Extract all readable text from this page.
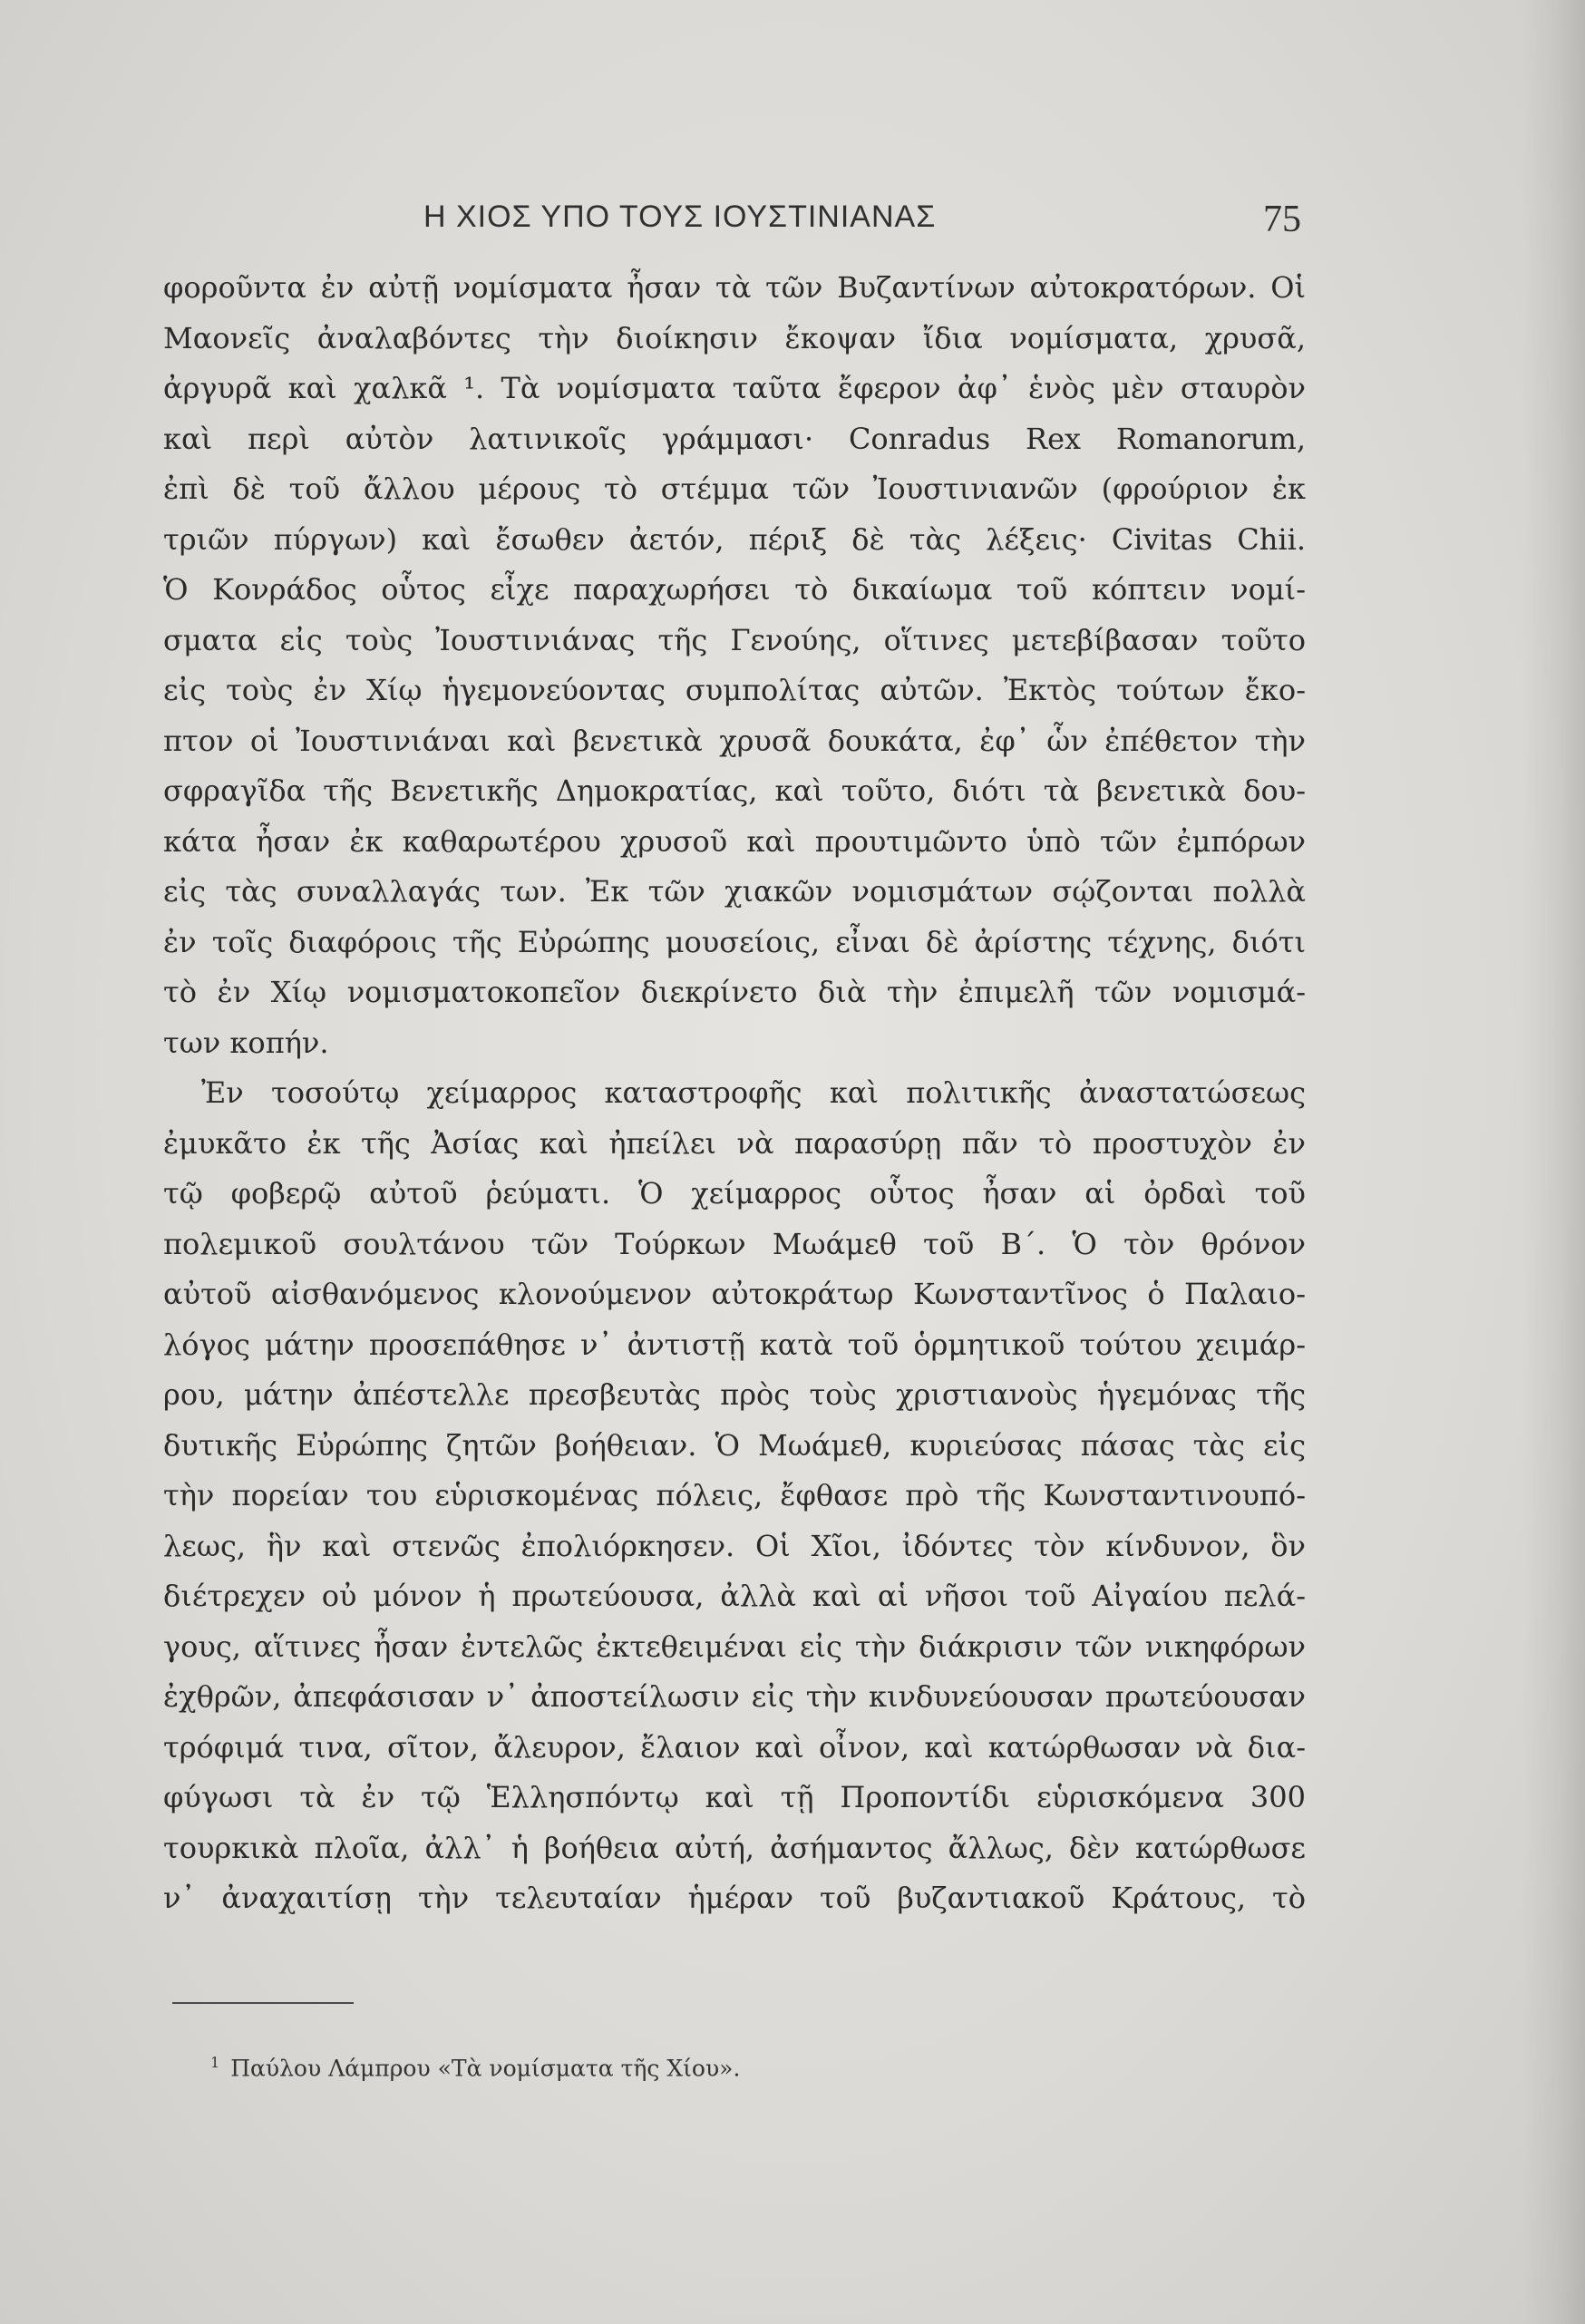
Η ΧΙΟΣ ΥΠΟ ΤΟΥΣ ΙΟΥΣΤΙΝΙΑΝΑΣ	75
φοροῦντα ἐν αὐτῇ νομίσματα ἦσαν τὰ τῶν Βυζαντίνων αὐτοκρατόρων. Οἱ
Μαονεῖς ἀναλαβόντες τὴν διοίκησιν ἔκοψαν ἴδια νομίσματα, χρυσᾶ,
ἀργυρᾶ καὶ χαλκᾶ ¹. Τὰ νομίσματα ταῦτα ἔφερον ἀφ᾽ ἑνὸς μὲν σταυρὸν
καὶ περὶ αὐτὸν λατινικοῖς γράμμασι· Conradus Rex Romanorum,
ἐπὶ δὲ τοῦ ἄλλου μέρους τὸ στέμμα τῶν Ἰουστινιανῶν (φρούριον ἐκ
τριῶν πύργων) καὶ ἔσωθεν ἀετόν, πέριξ δὲ τὰς λέξεις· Civitas Chii.
Ὁ Κονράδος οὗτος εἶχε παραχωρήσει τὸ δικαίωμα τοῦ κόπτειν νομί-
σματα εἰς τοὺς Ἰουστινιάνας τῆς Γενούης, οἵτινες μετεβίβασαν τοῦτο
εἰς τοὺς ἐν Χίῳ ἡγεμονεύοντας συμπολίτας αὐτῶν. Ἐκτὸς τούτων ἔκο-
πτον οἱ Ἰουστινιάναι καὶ βενετικὰ χρυσᾶ δουκάτα, ἐφ᾽ ὧν ἐπέθετον τὴν
σφραγῖδα τῆς Βενετικῆς Δημοκρατίας, καὶ τοῦτο, διότι τὰ βενετικὰ δου-
κάτα ἦσαν ἐκ καθαρωτέρου χρυσοῦ καὶ προυτιμῶντο ὑπὸ τῶν ἐμπόρων
εἰς τὰς συναλλαγάς των. Ἐκ τῶν χιακῶν νομισμάτων σῴζονται πολλὰ
ἐν τοῖς διαφόροις τῆς Εὐρώπης μουσείοις, εἶναι δὲ ἀρίστης τέχνης, διότι
τὸ ἐν Χίῳ νομισματοκοπεῖον διεκρίνετο διὰ τὴν ἐπιμελῆ τῶν νομισμά-
των κοπήν.
Ἐν τοσούτῳ χείμαρρος καταστροφῆς καὶ πολιτικῆς ἀναστατώσεως
ἐμυκᾶτο ἐκ τῆς Ἀσίας καὶ ἠπείλει νὰ παρασύρῃ πᾶν τὸ προστυχὸν ἐν
τῷ φοβερῷ αὐτοῦ ῥεύματι. Ὁ χείμαρρος οὗτος ἦσαν αἱ ὀρδαὶ τοῦ
πολεμικοῦ σουλτάνου τῶν Τούρκων Μωάμεθ τοῦ Β΄. Ὁ τὸν θρόνον
αὐτοῦ αἰσθανόμενος κλονούμενον αὐτοκράτωρ Κωνσταντῖνος ὁ Παλαιο-
λόγος μάτην προσεπάθησε ν᾽ ἀντιστῇ κατὰ τοῦ ὁρμητικοῦ τούτου χειμάρ-
ρου, μάτην ἀπέστελλε πρεσβευτὰς πρὸς τοὺς χριστιανοὺς ἡγεμόνας τῆς
δυτικῆς Εὐρώπης ζητῶν βοήθειαν. Ὁ Μωάμεθ, κυριεύσας πάσας τὰς εἰς
τὴν πορείαν του εὑρισκομένας πόλεις, ἔφθασε πρὸ τῆς Κωνσταντινουπό-
λεως, ἣν καὶ στενῶς ἐπολιόρκησεν. Οἱ Χῖοι, ἰδόντες τὸν κίνδυνον, ὃν
διέτρεχεν οὐ μόνον ἡ πρωτεύουσα, ἀλλὰ καὶ αἱ νῆσοι τοῦ Αἰγαίου πελά-
γους, αἵτινες ἦσαν ἐντελῶς ἐκτεθειμέναι εἰς τὴν διάκρισιν τῶν νικηφόρων
ἐχθρῶν, ἀπεφάσισαν ν᾽ ἀποστείλωσιν εἰς τὴν κινδυνεύουσαν πρωτεύουσαν
τρόφιμά τινα, σῖτον, ἄλευρον, ἔλαιον καὶ οἶνον, καὶ κατώρθωσαν νὰ δια-
φύγωσι τὰ ἐν τῷ Ἑλλησπόντῳ καὶ τῇ Προποντίδι εὑρισκόμενα 300
τουρκικὰ πλοῖα, ἀλλ᾽ ἡ βοήθεια αὐτή, ἀσήμαντος ἄλλως, δὲν κατώρθωσε
ν᾽ ἀναχαιτίσῃ τὴν τελευταίαν ἡμέραν τοῦ βυζαντιακοῦ Κράτους, τὸ
$^1$ Παύλου Λάμπρου «Τὰ νομίσματα τῆς Χίου».
